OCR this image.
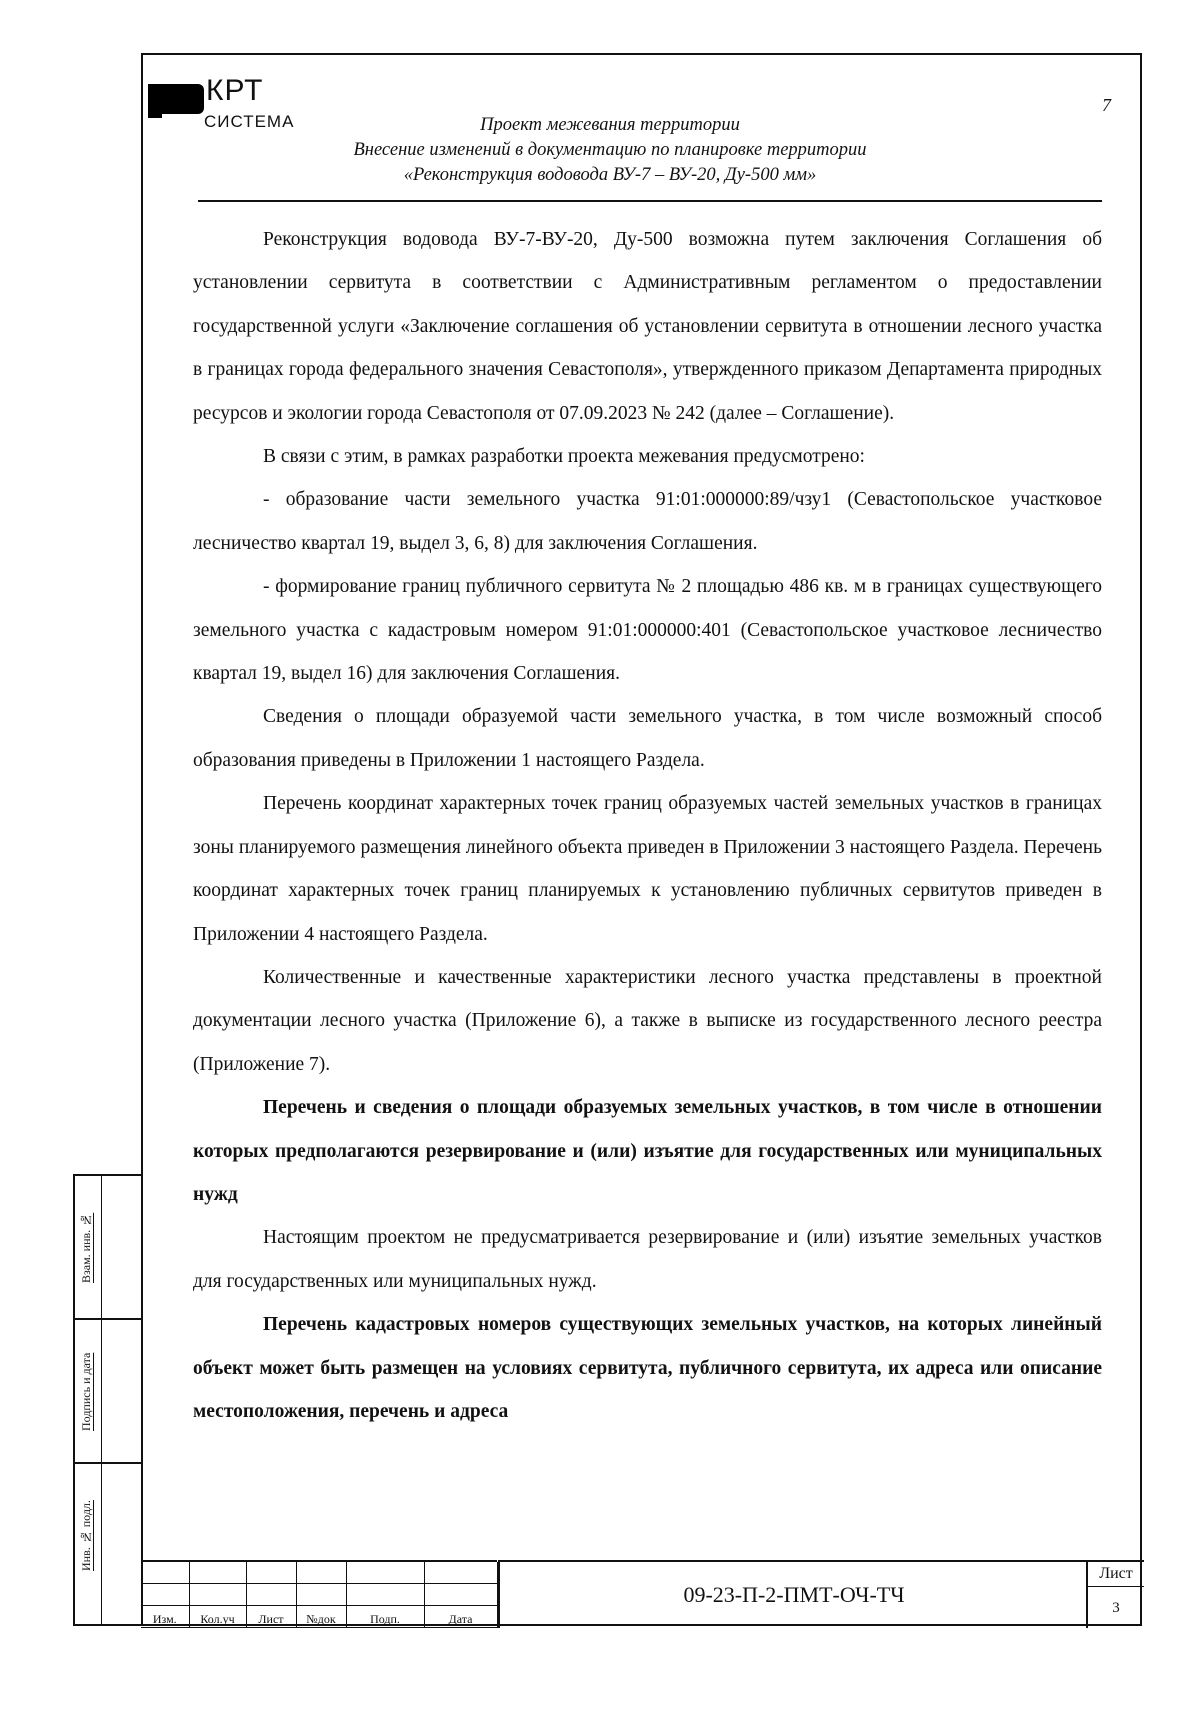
КРТ
СИСТЕМА
7
Проект межевания территории
Внесение изменений в документацию по планировке территории
«Реконструкция водовода ВУ-7 – ВУ-20, Ду-500 мм»

Реконструкция водовода ВУ-7-ВУ-20, Ду-500 возможна путем заключения Соглашения об установлении сервитута в соответствии с Административным регламентом о предоставлении государственной услуги «Заключение соглашения об установлении сервитута в отношении лесного участка в границах города федерального значения Севастополя», утвержденного приказом Департамента природных ресурсов и экологии города Севастополя от 07.09.2023 № 242 (далее – Соглашение).

В связи с этим, в рамках разработки проекта межевания предусмотрено:

- образование части земельного участка 91:01:000000:89/чзу1 (Севастопольское участковое лесничество квартал 19, выдел 3, 6, 8) для заключения Соглашения.

- формирование границ публичного сервитута № 2 площадью 486 кв. м в границах существующего земельного участка с кадастровым номером 91:01:000000:401 (Севастопольское участковое лесничество квартал 19, выдел 16) для заключения Соглашения.

Сведения о площади образуемой части земельного участка, в том числе возможный способ образования приведены в Приложении 1 настоящего Раздела.

Перечень координат характерных точек границ образуемых частей земельных участков в границах зоны планируемого размещения линейного объекта приведен в Приложении 3 настоящего Раздела. Перечень координат характерных точек границ планируемых к установлению публичных сервитутов приведен в Приложении 4 настоящего Раздела.

Количественные и качественные характеристики лесного участка представлены в проектной документации лесного участка (Приложение 6), а также в выписке из государственного лесного реестра (Приложение 7).

Перечень и сведения о площади образуемых земельных участков, в том числе в отношении которых предполагаются резервирование и (или) изъятие для государственных или муниципальных нужд

Настоящим проектом не предусматривается резервирование и (или) изъятие земельных участков для государственных или муниципальных нужд.

Перечень кадастровых номеров существующих земельных участков, на которых линейный объект может быть размещен на условиях сервитута, публичного сервитута, их адреса или описание местоположения, перечень и адреса

Взам. инв. №
Подпись и дата
Инв. № подл.

Изм.	Кол.уч	Лист	№док	Подп.	Дата
09-23-П-2-ПМТ-ОЧ-ТЧ
Лист
3
